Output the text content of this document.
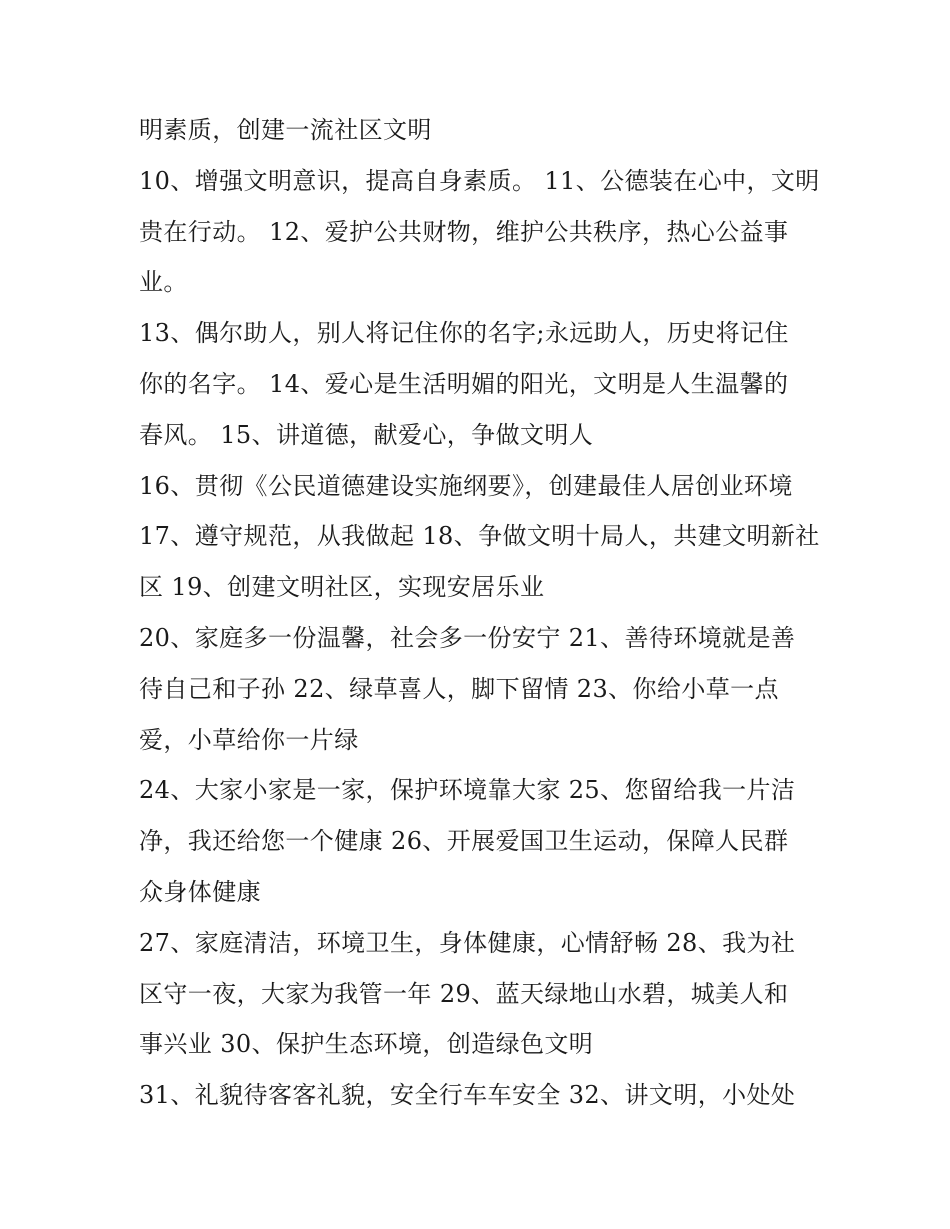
明素质，创建一流社区文明
10、增强文明意识，提高自身素质。 11、公德装在心中，文明
贵在行动。 12、爱护公共财物，维护公共秩序，热心公益事
业。
13、偶尔助人，别人将记住你的名字;永远助人，历史将记住
你的名字。 14、爱心是生活明媚的阳光，文明是人生温馨的
春风。 15、讲道德，献爱心，争做文明人
16、贯彻《公民道德建设实施纲要》，创建最佳人居创业环境
17、遵守规范，从我做起 18、争做文明十局人，共建文明新社
区 19、创建文明社区，实现安居乐业
20、家庭多一份温馨，社会多一份安宁 21、善待环境就是善
待自己和子孙 22、绿草喜人，脚下留情 23、你给小草一点
爱，小草给你一片绿
24、大家小家是一家，保护环境靠大家 25、您留给我一片洁
净，我还给您一个健康 26、开展爱国卫生运动，保障人民群
众身体健康
27、家庭清洁，环境卫生，身体健康，心情舒畅 28、我为社
区守一夜，大家为我管一年 29、蓝天绿地山水碧，城美人和
事兴业 30、保护生态环境，创造绿色文明
31、礼貌待客客礼貌，安全行车车安全 32、讲文明，小处处
